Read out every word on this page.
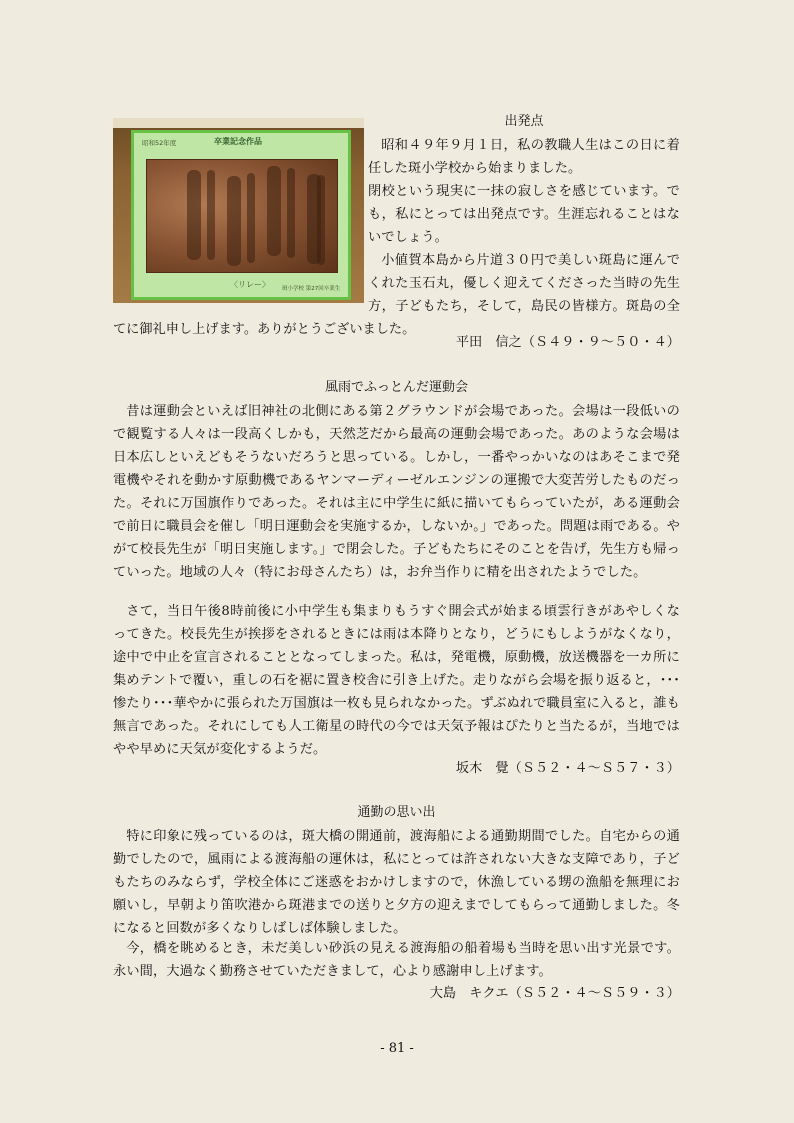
昭和52年度	卒業記念作品
〈リレー〉 斑小学校 第27回卒業生
出発点

昭和４９年９月１日，私の教職人生はこの日に着任した斑小学校から始まりました。

閉校という現実に一抹の寂しさを感じています。でも，私にとっては出発点です。生涯忘れることはないでしょう。

小値賀本島から片道３０円で美しい斑島に運んでくれた玉石丸，優しく迎えてくださった当時の先生方，子どもたち，そして，島民の皆様方。斑島の全てに御礼申し上げます。ありがとうございました。

平田　信之（Ｓ４９・９～５０・４）

風雨でふっとんだ運動会

昔は運動会といえば旧神社の北側にある第２グラウンドが会場であった。会場は一段低いので観覧する人々は一段高くしかも，天然芝だから最高の運動会場であった。あのような会場は日本広しといえどもそうないだろうと思っている。しかし，一番やっかいなのはあそこまで発電機やそれを動かす原動機であるヤンマーディーゼルエンジンの運搬で大変苦労したものだった。それに万国旗作りであった。それは主に中学生に紙に描いてもらっていたが，ある運動会で前日に職員会を催し「明日運動会を実施するか，しないか。」であった。問題は雨である。やがて校長先生が「明日実施します。」で閉会した。子どもたちにそのことを告げ，先生方も帰っていった。地域の人々（特にお母さんたち）は，お弁当作りに精を出されたようでした。

さて，当日午後8時前後に小中学生も集まりもうすぐ開会式が始まる頃雲行きがあやしくなってきた。校長先生が挨拶をされるときには雨は本降りとなり，どうにもしようがなくなり，途中で中止を宣言されることとなってしまった。私は，発電機，原動機，放送機器を一カ所に集めテントで覆い，重しの石を裾に置き校舎に引き上げた。走りながら会場を振り返ると，･･･惨たり･･･華やかに張られた万国旗は一枚も見られなかった。ずぶぬれで職員室に入ると，誰も無言であった。それにしても人工衛星の時代の今では天気予報はぴたりと当たるが，当地ではやや早めに天気が変化するようだ。

坂木　覺（Ｓ５２・４～Ｓ５７・３）

通勤の思い出

特に印象に残っているのは，斑大橋の開通前，渡海船による通勤期間でした。自宅からの通勤でしたので，風雨による渡海船の運休は，私にとっては許されない大きな支障であり，子どもたちのみならず，学校全体にご迷惑をおかけしますので，休漁している甥の漁船を無理にお願いし，早朝より笛吹港から斑港までの送りと夕方の迎えまでしてもらって通勤しました。冬になると回数が多くなりしばしば体験しました。

今，橋を眺めるとき，未だ美しい砂浜の見える渡海船の船着場も当時を思い出す光景です。永い間，大過なく勤務させていただきまして，心より感謝申し上げます。

大島　キクエ（Ｓ５２・４～Ｓ５９・３）

- 81 -
